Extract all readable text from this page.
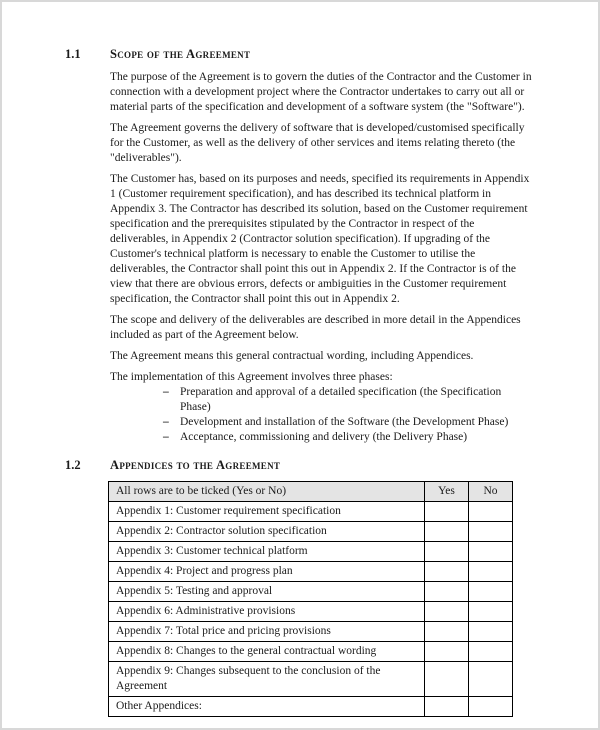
1.1	Scope of the Agreement

The purpose of the Agreement is to govern the duties of the Contractor and the Customer in connection with a development project where the Contractor undertakes to carry out all or material parts of the specification and development of a software system (the "Software").

The Agreement governs the delivery of software that is developed/customised specifically for the Customer, as well as the delivery of other services and items relating thereto (the "deliverables").

The Customer has, based on its purposes and needs, specified its requirements in Appendix 1 (Customer requirement specification), and has described its technical platform in Appendix 3. The Contractor has described its solution, based on the Customer requirement specification and the prerequisites stipulated by the Contractor in respect of the deliverables, in Appendix 2 (Contractor solution specification). If upgrading of the Customer's technical platform is necessary to enable the Customer to utilise the deliverables, the Contractor shall point this out in Appendix 2. If the Contractor is of the view that there are obvious errors, defects or ambiguities in the Customer requirement specification, the Contractor shall point this out in Appendix 2.

The scope and delivery of the deliverables are described in more detail in the Appendices included as part of the Agreement below.

The Agreement means this general contractual wording, including Appendices.

The implementation of this Agreement involves three phases:

– Preparation and approval of a detailed specification (the Specification Phase)
– Development and installation of the Software (the Development Phase)
– Acceptance, commissioning and delivery (the Delivery Phase)
1.2	Appendices to the Agreement
All rows are to be ticked (Yes or No)	Yes	No
Appendix 1: Customer requirement specification		
Appendix 2: Contractor solution specification		
Appendix 3: Customer technical platform		
Appendix 4: Project and progress plan		
Appendix 5: Testing and approval		
Appendix 6: Administrative provisions		
Appendix 7: Total price and pricing provisions		
Appendix 8: Changes to the general contractual wording		
Appendix 9: Changes subsequent to the conclusion of the Agreement		
Other Appendices:		
